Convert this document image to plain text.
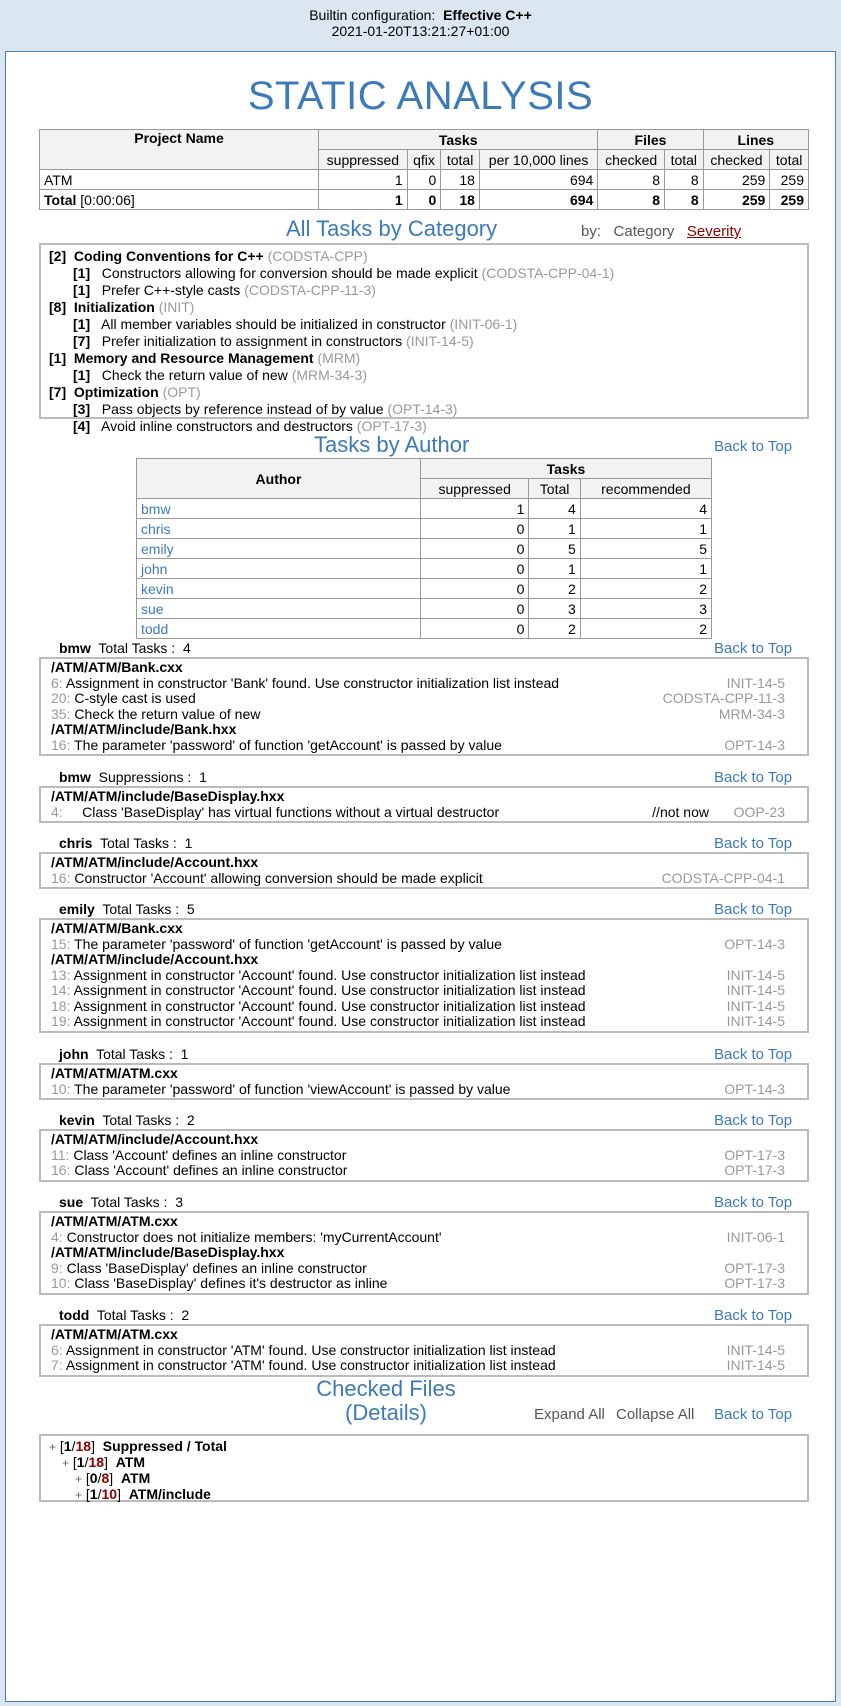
Builtin configuration: Effective C++
2021-01-20T13:21:27+01:00
STATIC ANALYSIS
Project Name	Tasks				Files		Lines	
	suppressed	qfix	total	per 10,000 lines	checked	total	checked	total
ATM	1	0	18	694	8	8	259	259
Total [0:00:06]	1	0	18	694	8	8	259	259
All Tasks by Category	by: Category Severity
[2] Coding Conventions for C++ (CODSTA-CPP)
[1] Constructors allowing for conversion should be made explicit (CODSTA-CPP-04-1)
[1] Prefer C++-style casts (CODSTA-CPP-11-3)
[8] Initialization (INIT)
[1] All member variables should be initialized in constructor (INIT-06-1)
[7] Prefer initialization to assignment in constructors (INIT-14-5)
[1] Memory and Resource Management (MRM)
[1] Check the return value of new (MRM-34-3)
[7] Optimization (OPT)
[3] Pass objects by reference instead of by value (OPT-14-3)
[4] Avoid inline constructors and destructors (OPT-17-3)
Tasks by Author	Back to Top
Author	Tasks		
	suppressed	Total	recommended
bmw	1	4	4
chris	0	1	1
emily	0	5	5
john	0	1	1
kevin	0	2	2
sue	0	3	3
todd	0	2	2
Checked Files
(Details)	Expand All Collapse All Back to Top
+ [1/18]  Suppressed / Total
+ [1/18]  ATM
+ [0/8]  ATM
+ [1/10]  ATM/include
bmw Total Tasks : 4	Back to Top
/ATM/ATM/Bank.cxx
6: Assignment in constructor 'Bank' found. Use constructor initialization list instead	INIT-14-5
20: C-style cast is used	CODSTA-CPP-11-3
35: Check the return value of new	MRM-34-3
/ATM/ATM/include/Bank.hxx
16: The parameter 'password' of function 'getAccount' is passed by value	OPT-14-3
bmw Suppressions : 1	Back to Top
/ATM/ATM/include/BaseDisplay.hxx
4:     Class 'BaseDisplay' has virtual functions without a virtual destructor	//not now OOP-23
chris Total Tasks : 1	Back to Top
/ATM/ATM/include/Account.hxx
16: Constructor 'Account' allowing conversion should be made explicit	CODSTA-CPP-04-1
emily Total Tasks : 5	Back to Top
/ATM/ATM/Bank.cxx
15: The parameter 'password' of function 'getAccount' is passed by value	OPT-14-3
/ATM/ATM/include/Account.hxx
13: Assignment in constructor 'Account' found. Use constructor initialization list instead	INIT-14-5
14: Assignment in constructor 'Account' found. Use constructor initialization list instead	INIT-14-5
18: Assignment in constructor 'Account' found. Use constructor initialization list instead	INIT-14-5
19: Assignment in constructor 'Account' found. Use constructor initialization list instead	INIT-14-5
john Total Tasks : 1	Back to Top
/ATM/ATM/ATM.cxx
10: The parameter 'password' of function 'viewAccount' is passed by value	OPT-14-3
kevin Total Tasks : 2	Back to Top
/ATM/ATM/include/Account.hxx
11: Class 'Account' defines an inline constructor	OPT-17-3
16: Class 'Account' defines an inline constructor	OPT-17-3
sue Total Tasks : 3	Back to Top
/ATM/ATM/ATM.cxx
4: Constructor does not initialize members: 'myCurrentAccount'	INIT-06-1
/ATM/ATM/include/BaseDisplay.hxx
9: Class 'BaseDisplay' defines an inline constructor	OPT-17-3
10: Class 'BaseDisplay' defines it's destructor as inline	OPT-17-3
todd Total Tasks : 2	Back to Top
/ATM/ATM/ATM.cxx
6: Assignment in constructor 'ATM' found. Use constructor initialization list instead	INIT-14-5
7: Assignment in constructor 'ATM' found. Use constructor initialization list instead	INIT-14-5
